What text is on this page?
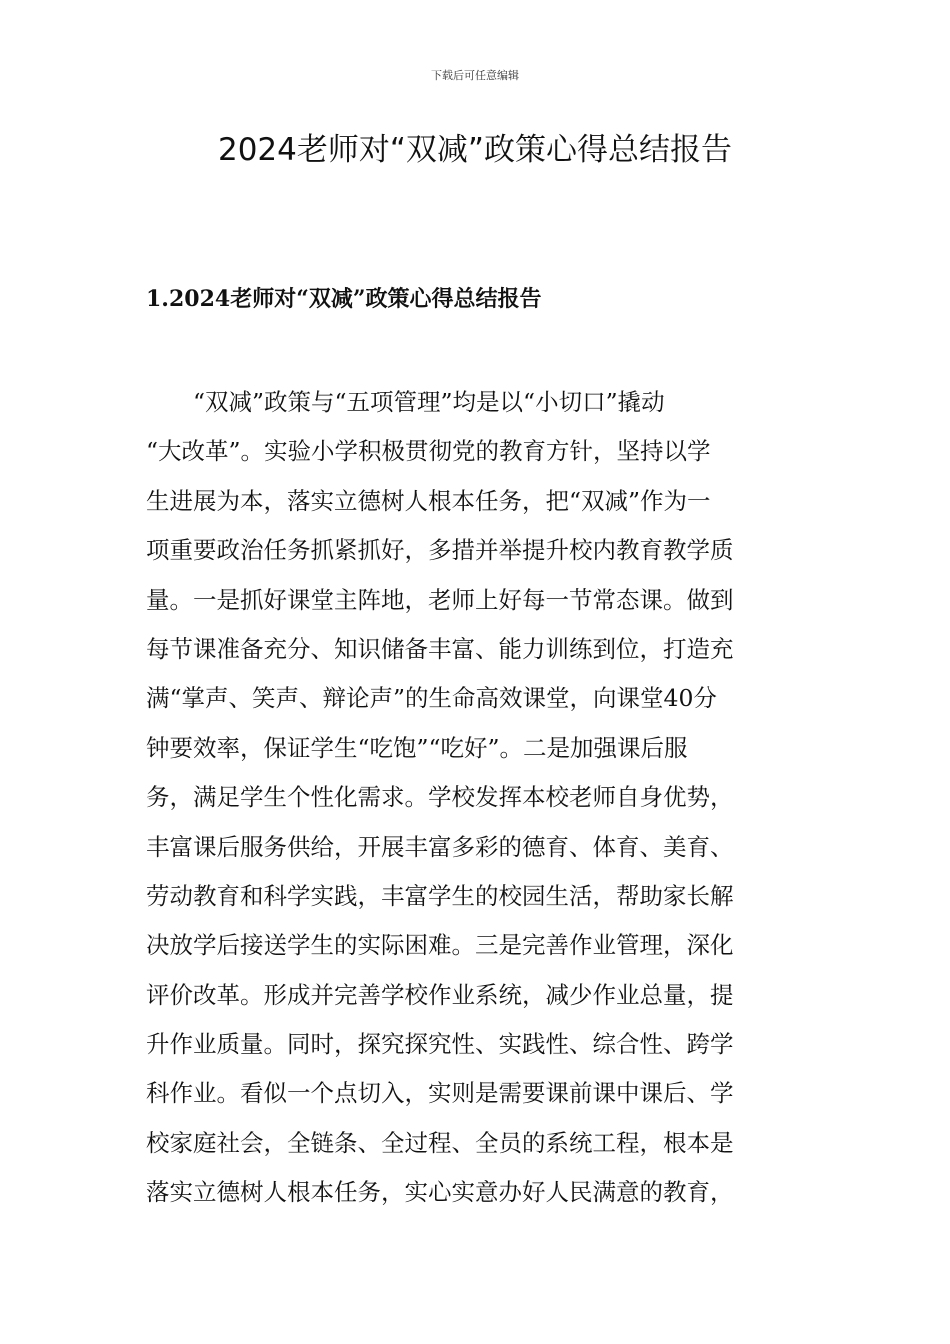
下载后可任意编辑
2024老师对“双减”政策心得总结报告
1.2024老师对“双减”政策心得总结报告
“双减”政策与“五项管理”均是以“小切口”撬动
“大改革”。实验小学积极贯彻党的教育方针，坚持以学
生进展为本，落实立德树人根本任务，把“双减”作为一
项重要政治任务抓紧抓好，多措并举提升校内教育教学质
量。一是抓好课堂主阵地，老师上好每一节常态课。做到
每节课准备充分、知识储备丰富、能力训练到位，打造充
满“掌声、笑声、辩论声”的生命高效课堂，向课堂40分
钟要效率，保证学生“吃饱”“吃好”。二是加强课后服
务，满足学生个性化需求。学校发挥本校老师自身优势，
丰富课后服务供给，开展丰富多彩的德育、体育、美育、
劳动教育和科学实践，丰富学生的校园生活，帮助家长解
决放学后接送学生的实际困难。三是完善作业管理，深化
评价改革。形成并完善学校作业系统，减少作业总量，提
升作业质量。同时，探究探究性、实践性、综合性、跨学
科作业。看似一个点切入，实则是需要课前课中课后、学
校家庭社会，全链条、全过程、全员的系统工程，根本是
落实立德树人根本任务，实心实意办好人民满意的教育，
